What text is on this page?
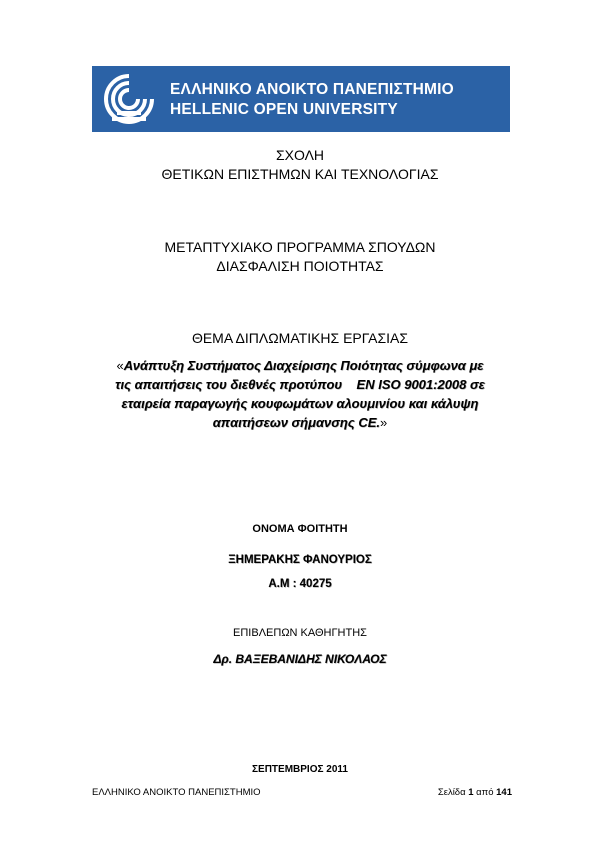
ΕΛΛΗΝΙΚΟ ΑΝΟΙΚΤΟ ΠΑΝΕΠΙΣΤΗΜΙΟ
HELLENIC OPEN UNIVERSITY
ΣΧΟΛΗ
ΘΕΤΙΚΩΝ ΕΠΙΣΤΗΜΩΝ ΚΑΙ ΤΕΧΝΟΛΟΓΙΑΣ
ΜΕΤΑΠΤΥΧΙΑΚΟ ΠΡΟΓΡΑΜΜΑ ΣΠΟΥΔΩΝ
ΔΙΑΣΦΑΛΙΣΗ ΠΟΙΟΤΗΤΑΣ
ΘΕΜΑ ΔΙΠΛΩΜΑΤΙΚΗΣ ΕΡΓΑΣΙΑΣ
«Ανάπτυξη Συστήματος Διαχείρισης Ποιότητας σύμφωνα με
τις απαιτήσεις του διεθνές προτύπου    EN ISO 9001:2008 σε
εταιρεία παραγωγής κουφωμάτων αλουμινίου και κάλυψη
απαιτήσεων σήμανσης CE.»
ΟΝΟΜΑ ΦΟΙΤΗΤΗ
ΞΗΜΕΡΑΚΗΣ ΦΑΝΟΥΡΙΟΣ
Α.Μ : 40275
ΕΠΙΒΛΕΠΩΝ ΚΑΘΗΓΗΤΗΣ
Δρ. ΒΑΞΕΒΑΝΙΔΗΣ ΝΙΚΟΛΑΟΣ
ΣΕΠΤΕΜΒΡΙΟΣ 2011
ΕΛΛΗΝΙΚΟ ΑΝΟΙΚΤΟ ΠΑΝΕΠΙΣΤΗΜΙΟ	Σελίδα 1 από 141
